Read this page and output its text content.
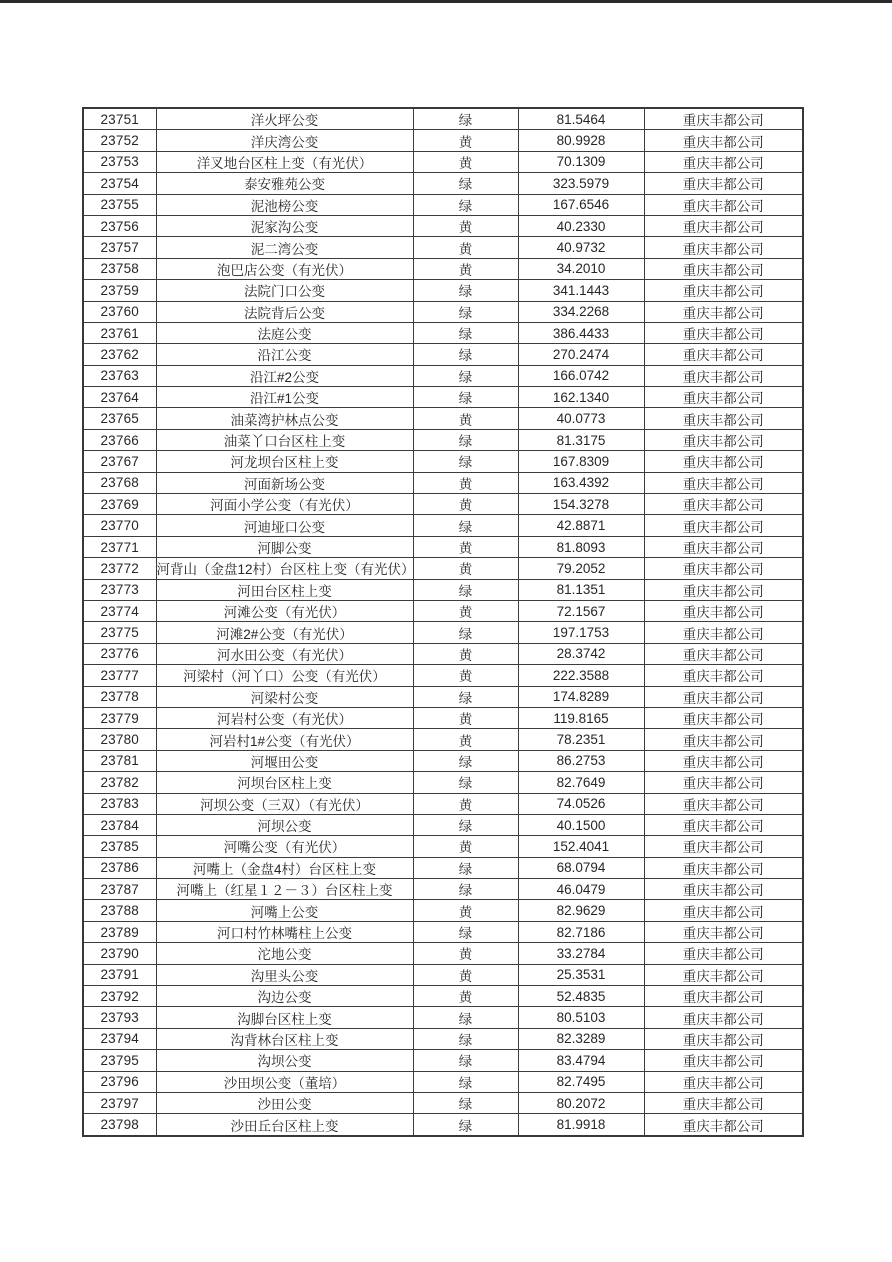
23751	洋火坪公变	绿	81.5464	重庆丰都公司
23752	洋庆湾公变	黄	80.9928	重庆丰都公司
23753	洋叉地台区柱上变（有光伏）	黄	70.1309	重庆丰都公司
23754	泰安雅苑公变	绿	323.5979	重庆丰都公司
23755	泥池榜公变	绿	167.6546	重庆丰都公司
23756	泥家沟公变	黄	40.2330	重庆丰都公司
23757	泥二湾公变	黄	40.9732	重庆丰都公司
23758	泡巴店公变（有光伏）	黄	34.2010	重庆丰都公司
23759	法院门口公变	绿	341.1443	重庆丰都公司
23760	法院背后公变	绿	334.2268	重庆丰都公司
23761	法庭公变	绿	386.4433	重庆丰都公司
23762	沿江公变	绿	270.2474	重庆丰都公司
23763	沿江#2公变	绿	166.0742	重庆丰都公司
23764	沿江#1公变	绿	162.1340	重庆丰都公司
23765	油菜湾护林点公变	黄	40.0773	重庆丰都公司
23766	油菜丫口台区柱上变	绿	81.3175	重庆丰都公司
23767	河龙坝台区柱上变	绿	167.8309	重庆丰都公司
23768	河面新场公变	黄	163.4392	重庆丰都公司
23769	河面小学公变（有光伏）	黄	154.3278	重庆丰都公司
23770	河迪垭口公变	绿	42.8871	重庆丰都公司
23771	河脚公变	黄	81.8093	重庆丰都公司
23772	河背山（金盘12村）台区柱上变（有光伏）	黄	79.2052	重庆丰都公司
23773	河田台区柱上变	绿	81.1351	重庆丰都公司
23774	河滩公变（有光伏）	黄	72.1567	重庆丰都公司
23775	河滩2#公变（有光伏）	绿	197.1753	重庆丰都公司
23776	河水田公变（有光伏）	黄	28.3742	重庆丰都公司
23777	河梁村（河丫口）公变（有光伏）	黄	222.3588	重庆丰都公司
23778	河梁村公变	绿	174.8289	重庆丰都公司
23779	河岩村公变（有光伏）	黄	119.8165	重庆丰都公司
23780	河岩村1#公变（有光伏）	黄	78.2351	重庆丰都公司
23781	河堰田公变	绿	86.2753	重庆丰都公司
23782	河坝台区柱上变	绿	82.7649	重庆丰都公司
23783	河坝公变（三双）（有光伏）	黄	74.0526	重庆丰都公司
23784	河坝公变	绿	40.1500	重庆丰都公司
23785	河嘴公变（有光伏）	黄	152.4041	重庆丰都公司
23786	河嘴上（金盘4村）台区柱上变	绿	68.0794	重庆丰都公司
23787	河嘴上（红星１２－３）台区柱上变	绿	46.0479	重庆丰都公司
23788	河嘴上公变	黄	82.9629	重庆丰都公司
23789	河口村竹林嘴柱上公变	绿	82.7186	重庆丰都公司
23790	沱地公变	黄	33.2784	重庆丰都公司
23791	沟里头公变	黄	25.3531	重庆丰都公司
23792	沟边公变	黄	52.4835	重庆丰都公司
23793	沟脚台区柱上变	绿	80.5103	重庆丰都公司
23794	沟背林台区柱上变	绿	82.3289	重庆丰都公司
23795	沟坝公变	绿	83.4794	重庆丰都公司
23796	沙田坝公变（董培）	绿	82.7495	重庆丰都公司
23797	沙田公变	绿	80.2072	重庆丰都公司
23798	沙田丘台区柱上变	绿	81.9918	重庆丰都公司
